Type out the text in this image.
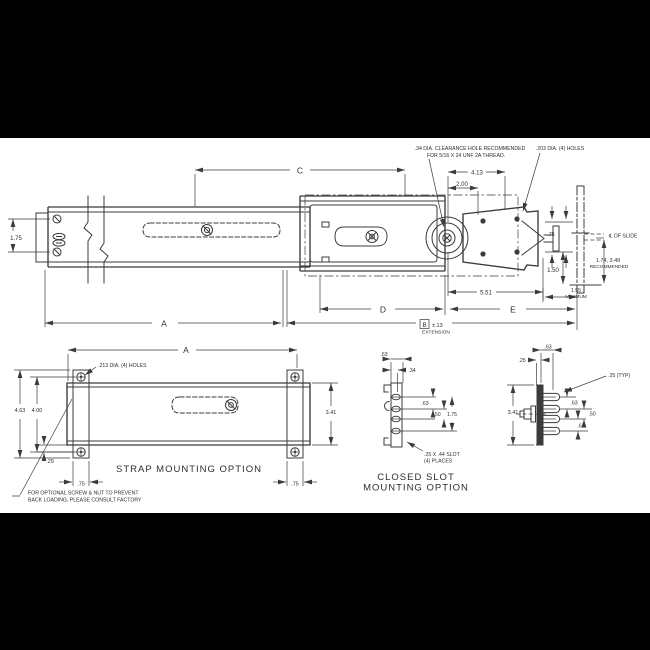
.34 DIA. CLEARANCE HOLE RECOMMENDED
FOR 5/16 X 24 UNF 2A THREAD.
.203 DIA. (4) HOLES
4.13
2.00
.75	℄ OF SLIDE
1.74, 3.49
RECOMMENDED
1.50
5.51	1.55
MINIMUM
C
D	E
A	B ±.13
EXTENSION
1.75
A
.213 DIA. (4) HOLES
4.63 4.00	3.41
.29
.75	.75
STRAP MOUNTING OPTION
FOR OPTIONAL SCREW & NUT TO PREVENT
BACK LOADING, PLEASE CONSULT FACTORY
.63
.34
.63
.50 1.75
.25 X .44 SLOT
(4) PLACES
CLOSED SLOT
MOUNTING OPTION
.63
.25
.25 (TYP)
3.41
.63
.50
.63
